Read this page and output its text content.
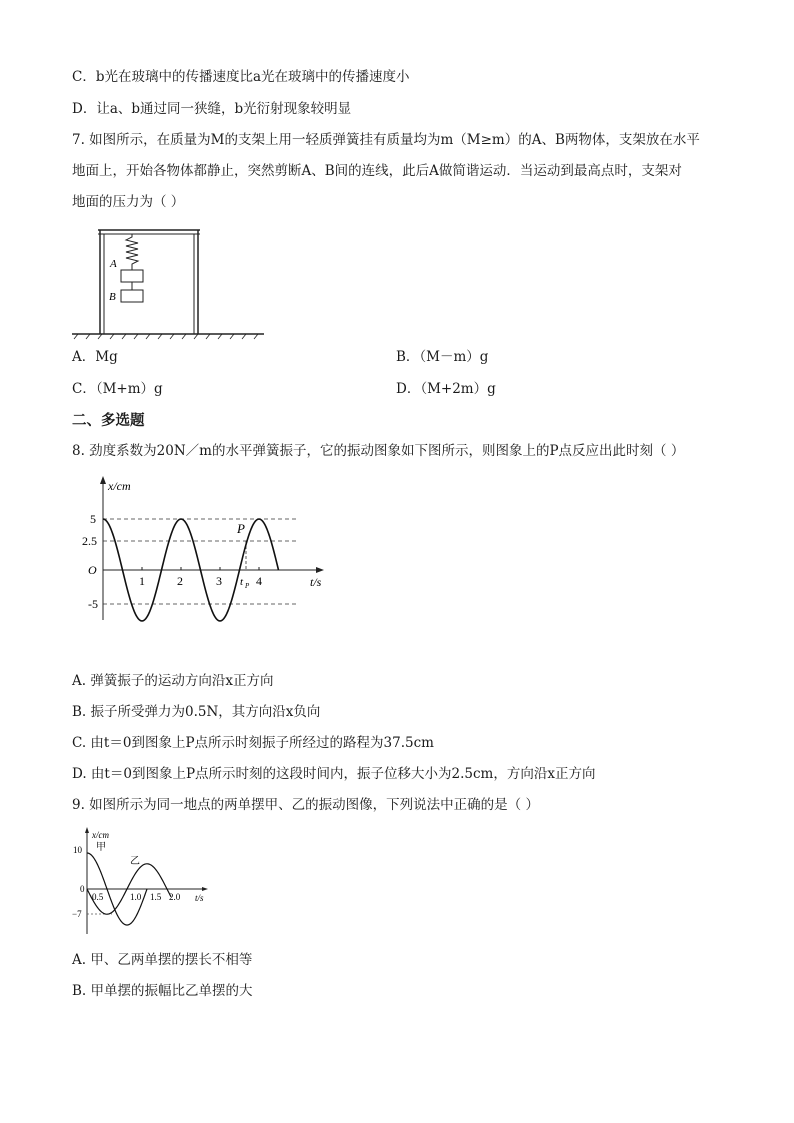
C．b光在玻璃中的传播速度比a光在玻璃中的传播速度小
D．让a、b通过同一狭缝，b光衍射现象较明显
7. 如图所示，在质量为M的支架上用一轻质弹簧挂有质量均为m（M≥m）的A、B两物体，支架放在水平
地面上，开始各物体都静止，突然剪断A、B间的连线，此后A做简谐运动．当运动到最高点时，支架对
地面的压力为（ ）
A
B
A．Mg	B．（M－m）g
C．（M+m）g	D．（M+2m）g
二、多选题
8. 劲度系数为20N／m的水平弹簧振子，它的振动图象如下图所示，则图象上的P点反应出此时刻（ ）
x/cm
t/s
O
5
2.5
-5
1	2	3	4
t P
P
A. 弹簧振子的运动方向沿x正方向
B. 振子所受弹力为0.5N，其方向沿x负向
C. 由t＝0到图象上P点所示时刻振子所经过的路程为37.5cm
D. 由t＝0到图象上P点所示时刻的这段时间内，振子位移大小为2.5cm，方向沿x正方向
9. 如图所示为同一地点的两单摆甲、乙的振动图像，下列说法中正确的是（ ）
x/cm
t/s
10
0
−7
0.5	1.0 1.5 2.0
甲
乙
A. 甲、乙两单摆的摆长不相等
B. 甲单摆的振幅比乙单摆的大
